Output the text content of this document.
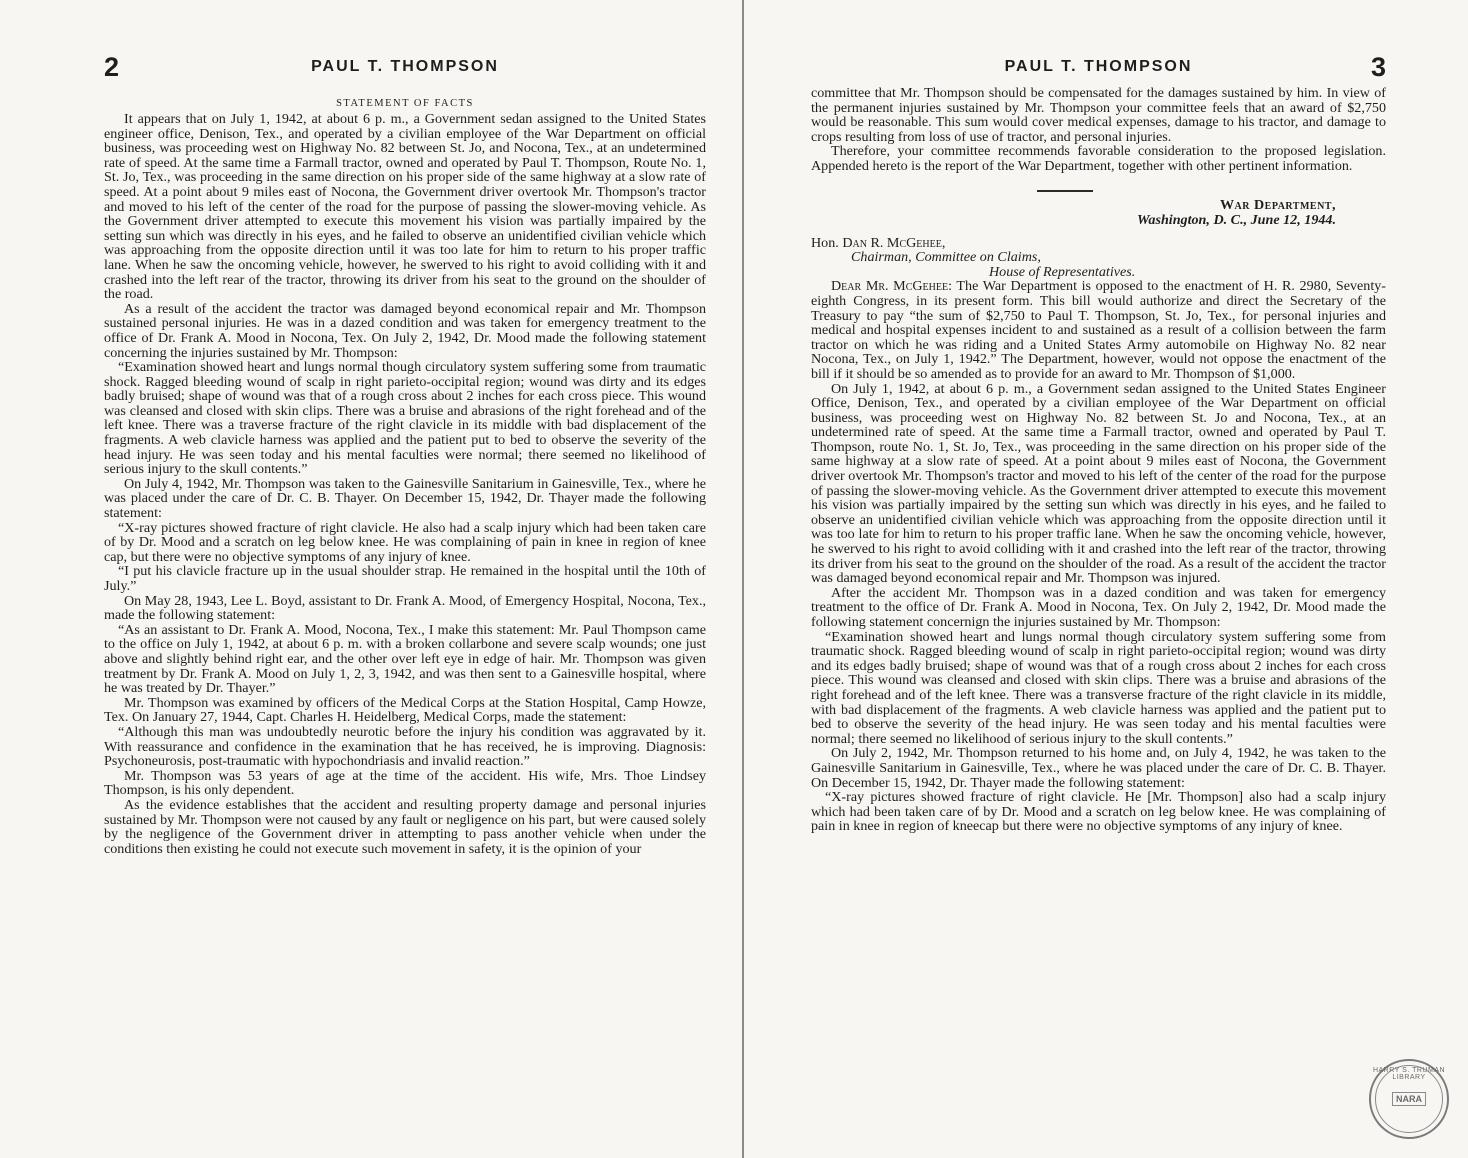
2	PAUL T. THOMPSON
STATEMENT OF FACTS

It appears that on July 1, 1942, at about 6 p. m., a Government sedan assigned to the United States engineer office, Denison, Tex., and operated by a civilian employee of the War Department on official business, was proceeding west on Highway No. 82 between St. Jo, and Nocona, Tex., at an undetermined rate of speed. At the same time a Farmall tractor, owned and operated by Paul T. Thompson, Route No. 1, St. Jo, Tex., was proceeding in the same direction on his proper side of the same highway at a slow rate of speed. At a point about 9 miles east of Nocona, the Government driver overtook Mr. Thompson's tractor and moved to his left of the center of the road for the purpose of passing the slower-moving vehicle. As the Government driver attempted to execute this movement his vision was partially impaired by the setting sun which was directly in his eyes, and he failed to observe an unidentified civilian vehicle which was approaching from the opposite direction until it was too late for him to return to his proper traffic lane. When he saw the oncoming vehicle, however, he swerved to his right to avoid colliding with it and crashed into the left rear of the tractor, throwing its driver from his seat to the ground on the shoulder of the road.

As a result of the accident the tractor was damaged beyond economical repair and Mr. Thompson sustained personal injuries. He was in a dazed condition and was taken for emergency treatment to the office of Dr. Frank A. Mood in Nocona, Tex. On July 2, 1942, Dr. Mood made the following statement concerning the injuries sustained by Mr. Thompson:

“Examination showed heart and lungs normal though circulatory system suffering some from traumatic shock. Ragged bleeding wound of scalp in right parieto-occipital region; wound was dirty and its edges badly bruised; shape of wound was that of a rough cross about 2 inches for each cross piece. This wound was cleansed and closed with skin clips. There was a bruise and abrasions of the right forehead and of the left knee. There was a traverse fracture of the right clavicle in its middle with bad displacement of the fragments. A web clavicle harness was applied and the patient put to bed to observe the severity of the head injury. He was seen today and his mental faculties were normal; there seemed no likelihood of serious injury to the skull contents.”

On July 4, 1942, Mr. Thompson was taken to the Gainesville Sanitarium in Gainesville, Tex., where he was placed under the care of Dr. C. B. Thayer. On December 15, 1942, Dr. Thayer made the following statement:

“X-ray pictures showed fracture of right clavicle. He also had a scalp injury which had been taken care of by Dr. Mood and a scratch on leg below knee. He was complaining of pain in knee in region of knee cap, but there were no objective symptoms of any injury of knee.

“I put his clavicle fracture up in the usual shoulder strap. He remained in the hospital until the 10th of July.”

On May 28, 1943, Lee L. Boyd, assistant to Dr. Frank A. Mood, of Emergency Hospital, Nocona, Tex., made the following statement:

“As an assistant to Dr. Frank A. Mood, Nocona, Tex., I make this statement: Mr. Paul Thompson came to the office on July 1, 1942, at about 6 p. m. with a broken collarbone and severe scalp wounds; one just above and slightly behind right ear, and the other over left eye in edge of hair. Mr. Thompson was given treatment by Dr. Frank A. Mood on July 1, 2, 3, 1942, and was then sent to a Gainesville hospital, where he was treated by Dr. Thayer.”

Mr. Thompson was examined by officers of the Medical Corps at the Station Hospital, Camp Howze, Tex. On January 27, 1944, Capt. Charles H. Heidelberg, Medical Corps, made the statement:

“Although this man was undoubtedly neurotic before the injury his condition was aggravated by it. With reassurance and confidence in the examination that he has received, he is improving. Diagnosis: Psychoneurosis, post-traumatic with hypochondriasis and invalid reaction.”

Mr. Thompson was 53 years of age at the time of the accident. His wife, Mrs. Thoe Lindsey Thompson, is his only dependent.

As the evidence establishes that the accident and resulting property damage and personal injuries sustained by Mr. Thompson were not caused by any fault or negligence on his part, but were caused solely by the negligence of the Government driver in attempting to pass another vehicle when under the conditions then existing he could not execute such movement in safety, it is the opinion of your

PAUL T. THOMPSON	3

committee that Mr. Thompson should be compensated for the damages sustained by him. In view of the permanent injuries sustained by Mr. Thompson your committee feels that an award of $2,750 would be reasonable. This sum would cover medical expenses, damage to his tractor, and damage to crops resulting from loss of use of tractor, and personal injuries.

Therefore, your committee recommends favorable consideration to the proposed legislation. Appended hereto is the report of the War Department, together with other pertinent information.

War Department,
Washington, D. C., June 12, 1944.
Hon. Dan R. McGehee,
Chairman, Committee on Claims,
House of Representatives.

Dear Mr. McGehee: The War Department is opposed to the enactment of H. R. 2980, Seventy-eighth Congress, in its present form. This bill would authorize and direct the Secretary of the Treasury to pay “the sum of $2,750 to Paul T. Thompson, St. Jo, Tex., for personal injuries and medical and hospital expenses incident to and sustained as a result of a collision between the farm tractor on which he was riding and a United States Army automobile on Highway No. 82 near Nocona, Tex., on July 1, 1942.” The Department, however, would not oppose the enactment of the bill if it should be so amended as to provide for an award to Mr. Thompson of $1,000.

On July 1, 1942, at about 6 p. m., a Government sedan assigned to the United States Engineer Office, Denison, Tex., and operated by a civilian employee of the War Department on official business, was proceeding west on Highway No. 82 between St. Jo and Nocona, Tex., at an undetermined rate of speed. At the same time a Farmall tractor, owned and operated by Paul T. Thompson, route No. 1, St. Jo, Tex., was proceeding in the same direction on his proper side of the same highway at a slow rate of speed. At a point about 9 miles east of Nocona, the Government driver overtook Mr. Thompson's tractor and moved to his left of the center of the road for the purpose of passing the slower-moving vehicle. As the Government driver attempted to execute this movement his vision was partially impaired by the setting sun which was directly in his eyes, and he failed to observe an unidentified civilian vehicle which was approaching from the opposite direction until it was too late for him to return to his proper traffic lane. When he saw the oncoming vehicle, however, he swerved to his right to avoid colliding with it and crashed into the left rear of the tractor, throwing its driver from his seat to the ground on the shoulder of the road. As a result of the accident the tractor was damaged beyond economical repair and Mr. Thompson was injured.

After the accident Mr. Thompson was in a dazed condition and was taken for emergency treatment to the office of Dr. Frank A. Mood in Nocona, Tex. On July 2, 1942, Dr. Mood made the following statement concernign the injuries sustained by Mr. Thompson:

“Examination showed heart and lungs normal though circulatory system suffering some from traumatic shock. Ragged bleeding wound of scalp in right parieto-occipital region; wound was dirty and its edges badly bruised; shape of wound was that of a rough cross about 2 inches for each cross piece. This wound was cleansed and closed with skin clips. There was a bruise and abrasions of the right forehead and of the left knee. There was a transverse fracture of the right clavicle in its middle, with bad displacement of the fragments. A web clavicle harness was applied and the patient put to bed to observe the severity of the head injury. He was seen today and his mental faculties were normal; there seemed no likelihood of serious injury to the skull contents.”

On July 2, 1942, Mr. Thompson returned to his home and, on July 4, 1942, he was taken to the Gainesville Sanitarium in Gainesville, Tex., where he was placed under the care of Dr. C. B. Thayer. On December 15, 1942, Dr. Thayer made the following statement:

“X-ray pictures showed fracture of right clavicle. He [Mr. Thompson] also had a scalp injury which had been taken care of by Dr. Mood and a scratch on leg below knee. He was complaining of pain in knee in region of kneecap but there were no objective symptoms of any injury of knee.

HARRY S. TRUMAN LIBRARY
NARA
